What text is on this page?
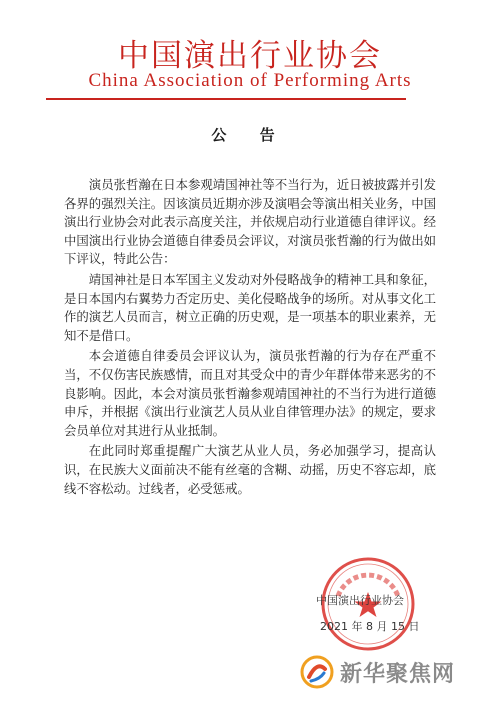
中国演出行业协会
China Association of Performing Arts
公 告

演员张哲瀚在日本参观靖国神社等不当行为，近日被披露并引发各界的强烈关注。因该演员近期亦涉及演唱会等演出相关业务，中国演出行业协会对此表示高度关注，并依规启动行业道德自律评议。经中国演出行业协会道德自律委员会评议，对演员张哲瀚的行为做出如下评议，特此公告：

靖国神社是日本军国主义发动对外侵略战争的精神工具和象征，是日本国内右翼势力否定历史、美化侵略战争的场所。对从事文化工作的演艺人员而言，树立正确的历史观，是一项基本的职业素养，无知不是借口。

本会道德自律委员会评议认为，演员张哲瀚的行为存在严重不当，不仅伤害民族感情，而且对其受众中的青少年群体带来恶劣的不良影响。因此，本会对演员张哲瀚参观靖国神社的不当行为进行道德申斥，并根据《演出行业演艺人员从业自律管理办法》的规定，要求会员单位对其进行从业抵制。

在此同时郑重提醒广大演艺从业人员，务必加强学习，提高认识，在民族大义面前决不能有丝毫的含糊、动摇，历史不容忘却，底线不容松动。过线者，必受惩戒。

中国演出行业协会
2021 年 8 月 15 日
新华聚焦网
